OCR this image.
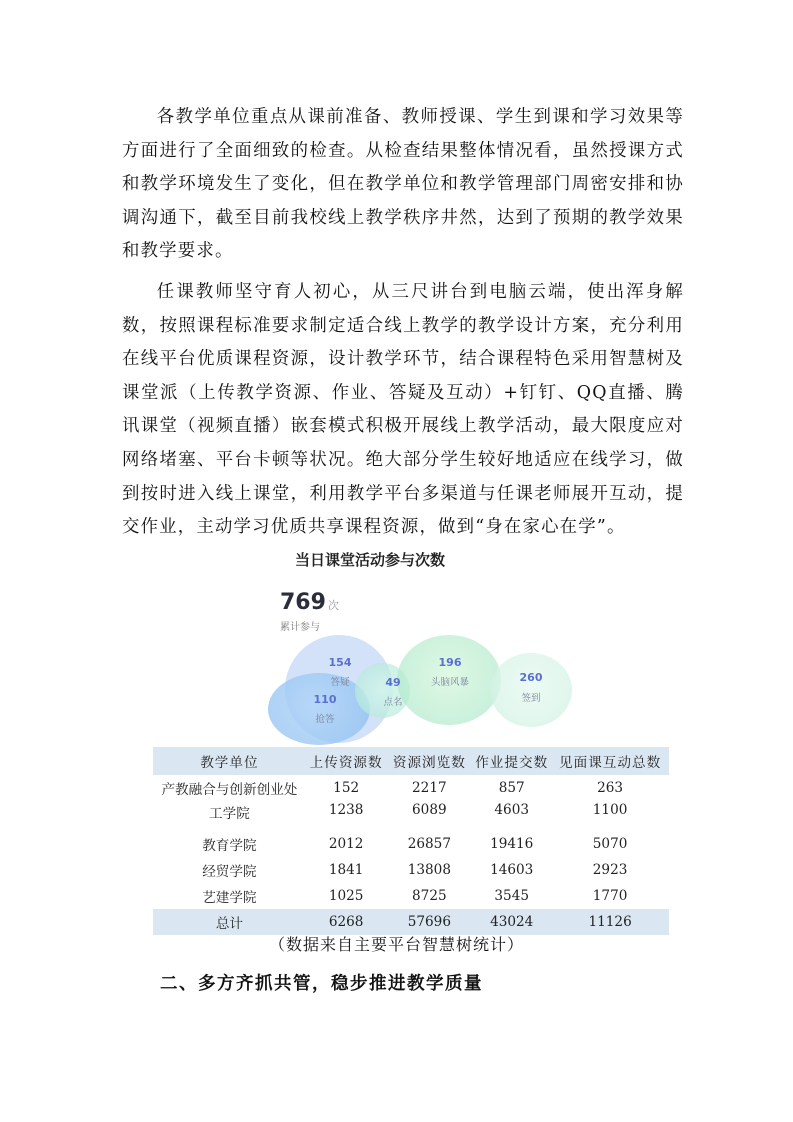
各教学单位重点从课前准备、教师授课、学生到课和学习效果等方面进行了全面细致的检查。从检查结果整体情况看，虽然授课方式和教学环境发生了变化，但在教学单位和教学管理部门周密安排和协调沟通下，截至目前我校线上教学秩序井然，达到了预期的教学效果和教学要求。

任课教师坚守育人初心，从三尺讲台到电脑云端，使出浑身解数，按照课程标准要求制定适合线上教学的教学设计方案，充分利用在线平台优质课程资源，设计教学环节，结合课程特色采用智慧树及课堂派（上传教学资源、作业、答疑及互动）+钉钉、QQ直播、腾讯课堂（视频直播）嵌套模式积极开展线上教学活动，最大限度应对网络堵塞、平台卡顿等状况。绝大部分学生较好地适应在线学习，做到按时进入线上课堂，利用教学平台多渠道与任课老师展开互动，提交作业，主动学习优质共享课程资源，做到“身在家心在学”。

当日课堂活动参与次数
769 次
累计参与
154
答疑
110
抢答
49
点名
196
头脑风暴	260
签到
教学单位	上传资源数	资源浏览数	作业提交数	见面课互动总数
产教融合与创新创业处	152	2217	857	263
工学院	1238	6089	4603	1100
教育学院	2012	26857	19416	5070
经贸学院	1841	13808	14603	2923
艺建学院	1025	8725	3545	1770
总计	6268	57696	43024	11126
（数据来自主要平台智慧树统计）
二、多方齐抓共管，稳步推进教学质量
